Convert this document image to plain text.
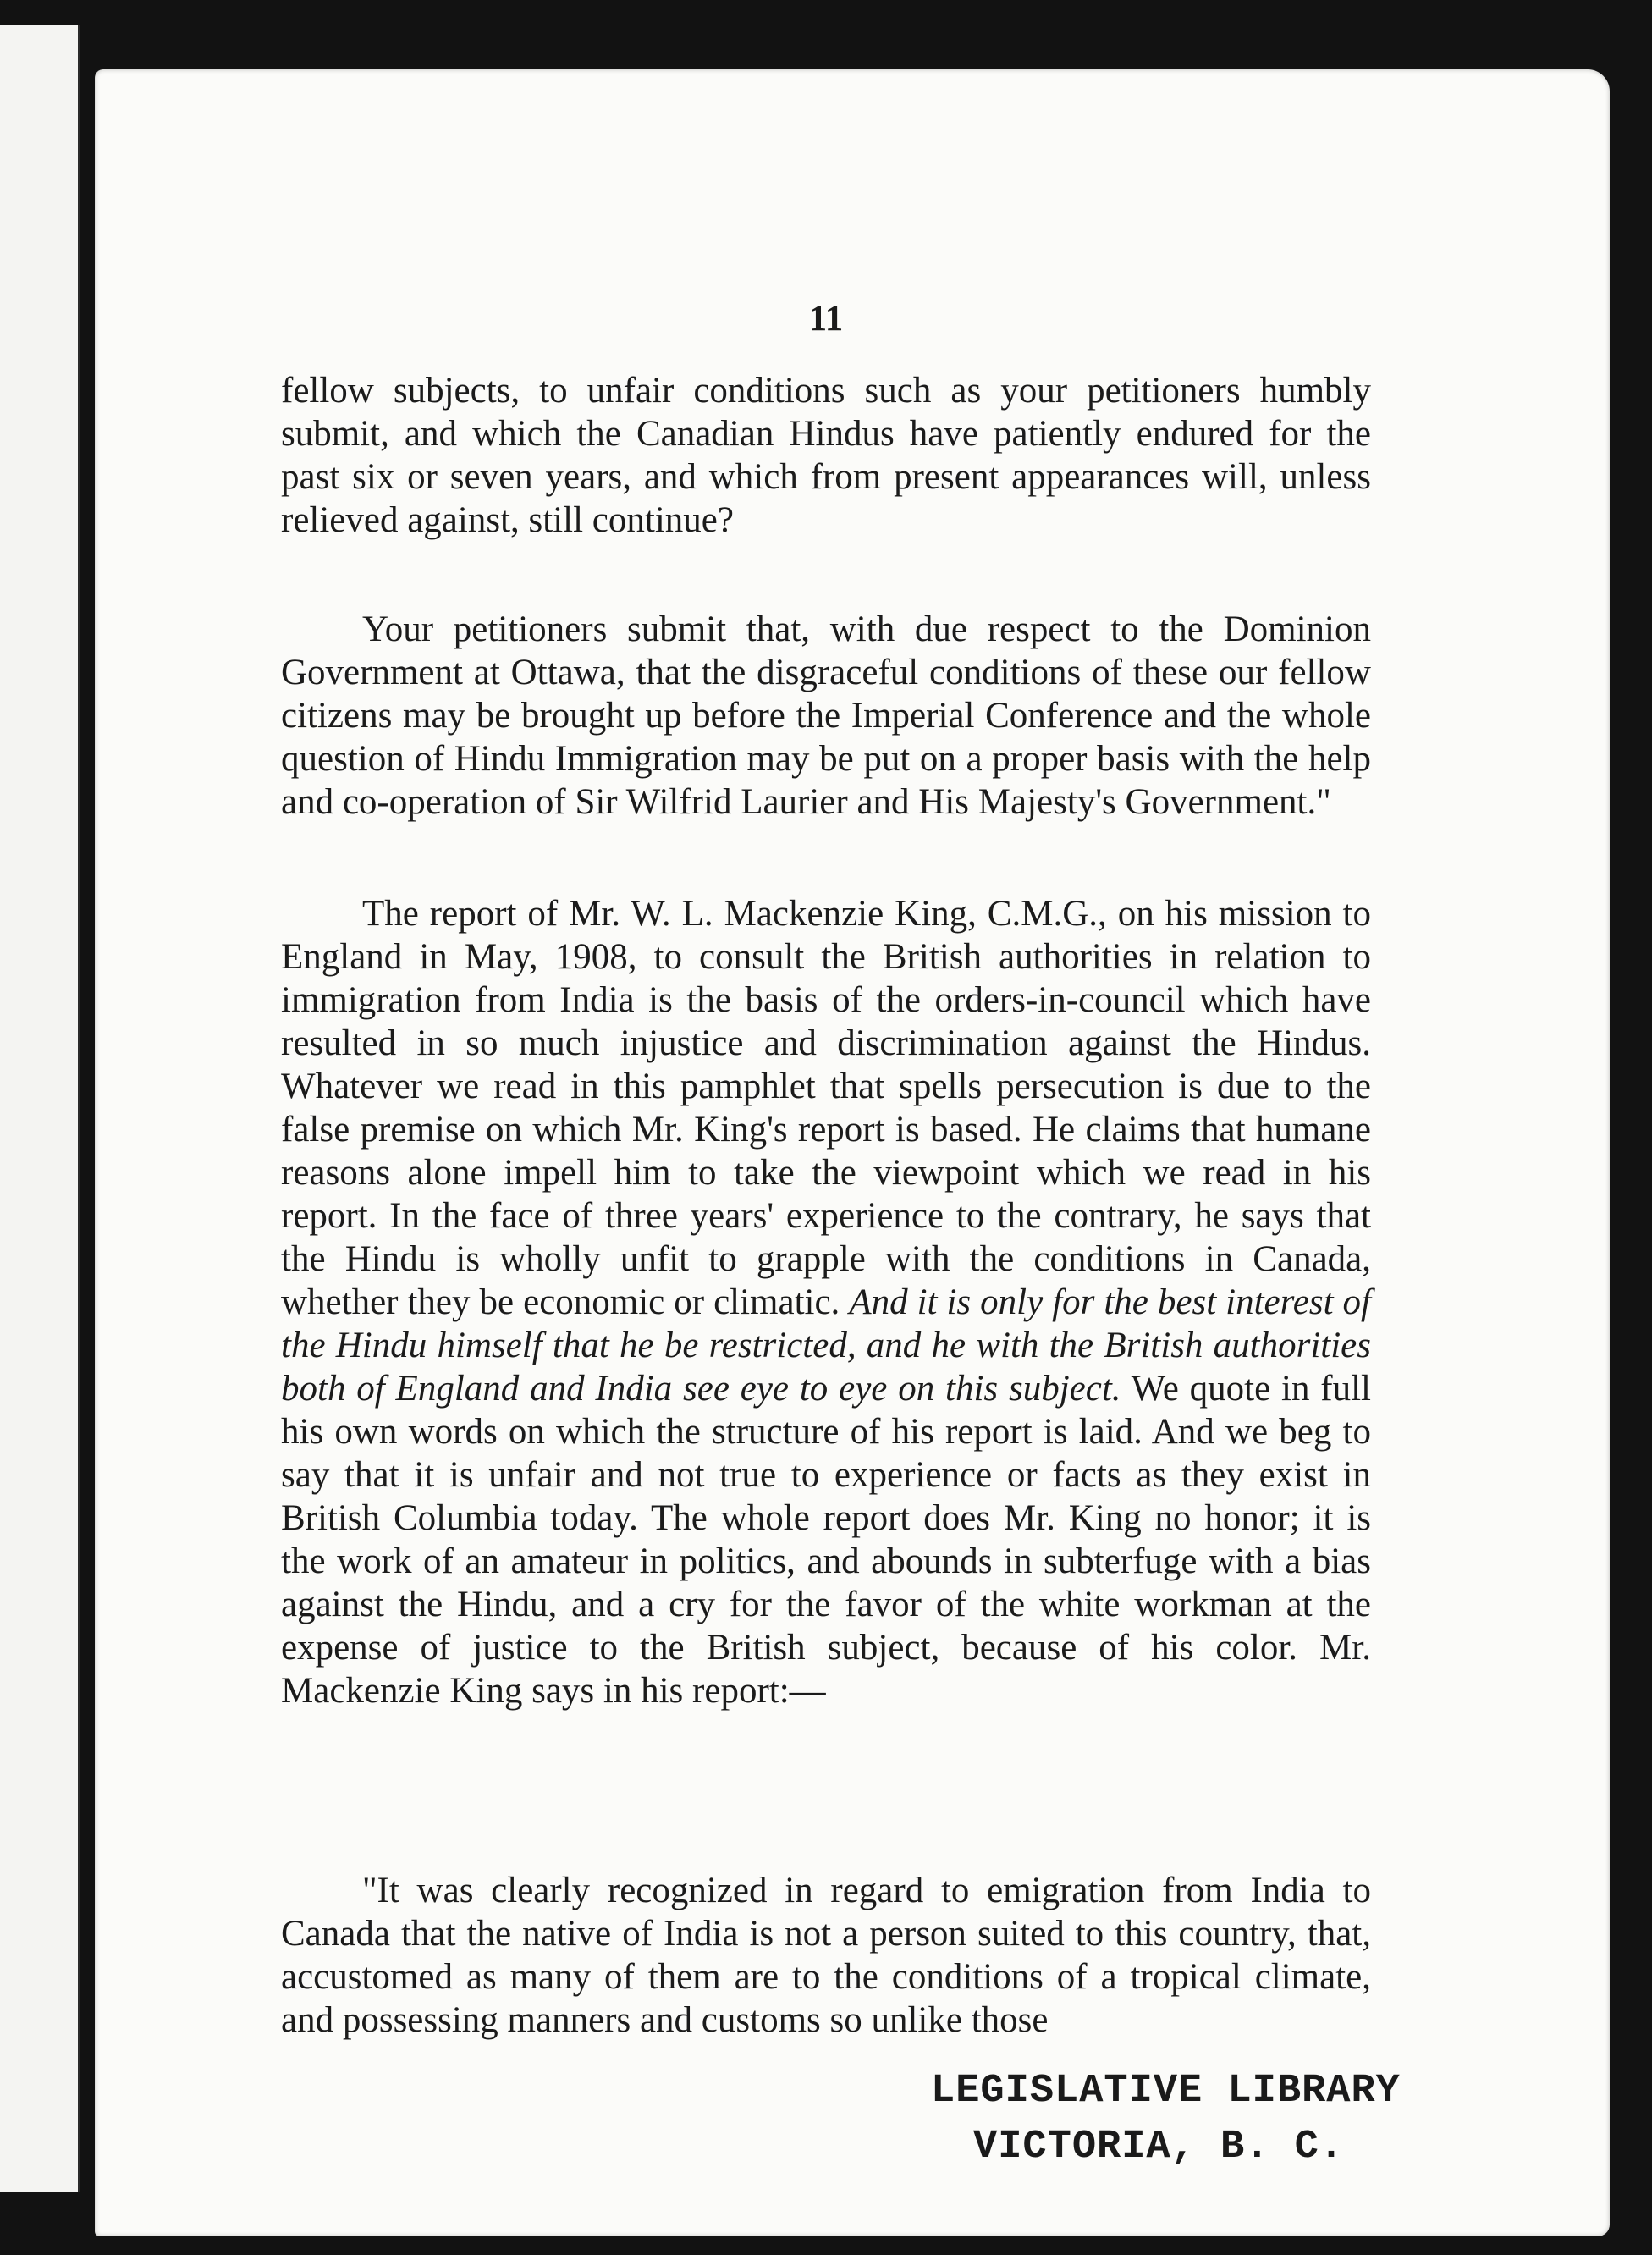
11

fellow subjects, to unfair conditions such as your petitioners humbly submit, and which the Canadian Hindus have patiently endured for the past six or seven years, and which from present appearances will, unless relieved against, still continue?

Your petitioners submit that, with due respect to the Dominion Government at Ottawa, that the disgraceful conditions of these our fellow citizens may be brought up before the Imperial Conference and the whole question of Hindu Immigration may be put on a proper basis with the help and co-operation of Sir Wilfrid Laurier and His Majesty's Government."

The report of Mr. W. L. Mackenzie King, C.M.G., on his mission to England in May, 1908, to consult the British authorities in relation to immigration from India is the basis of the orders-in-council which have resulted in so much injustice and discrimination against the Hindus. Whatever we read in this pamphlet that spells persecution is due to the false premise on which Mr. King's report is based. He claims that humane reasons alone impell him to take the viewpoint which we read in his report. In the face of three years' experience to the contrary, he says that the Hindu is wholly unfit to grapple with the conditions in Canada, whether they be economic or climatic. And it is only for the best interest of the Hindu himself that he be restricted, and he with the British authorities both of England and India see eye to eye on this subject. We quote in full his own words on which the structure of his report is laid. And we beg to say that it is unfair and not true to experience or facts as they exist in British Columbia today. The whole report does Mr. King no honor; it is the work of an amateur in politics, and abounds in subterfuge with a bias against the Hindu, and a cry for the favor of the white workman at the expense of justice to the British subject, because of his color. Mr. Mackenzie King says in his report:—

"It was clearly recognized in regard to emigration from India to Canada that the native of India is not a person suited to this country, that, accustomed as many of them are to the conditions of a tropical climate, and possessing manners and customs so unlike those

LEGISLATIVE LIBRARY
VICTORIA, B. C.
